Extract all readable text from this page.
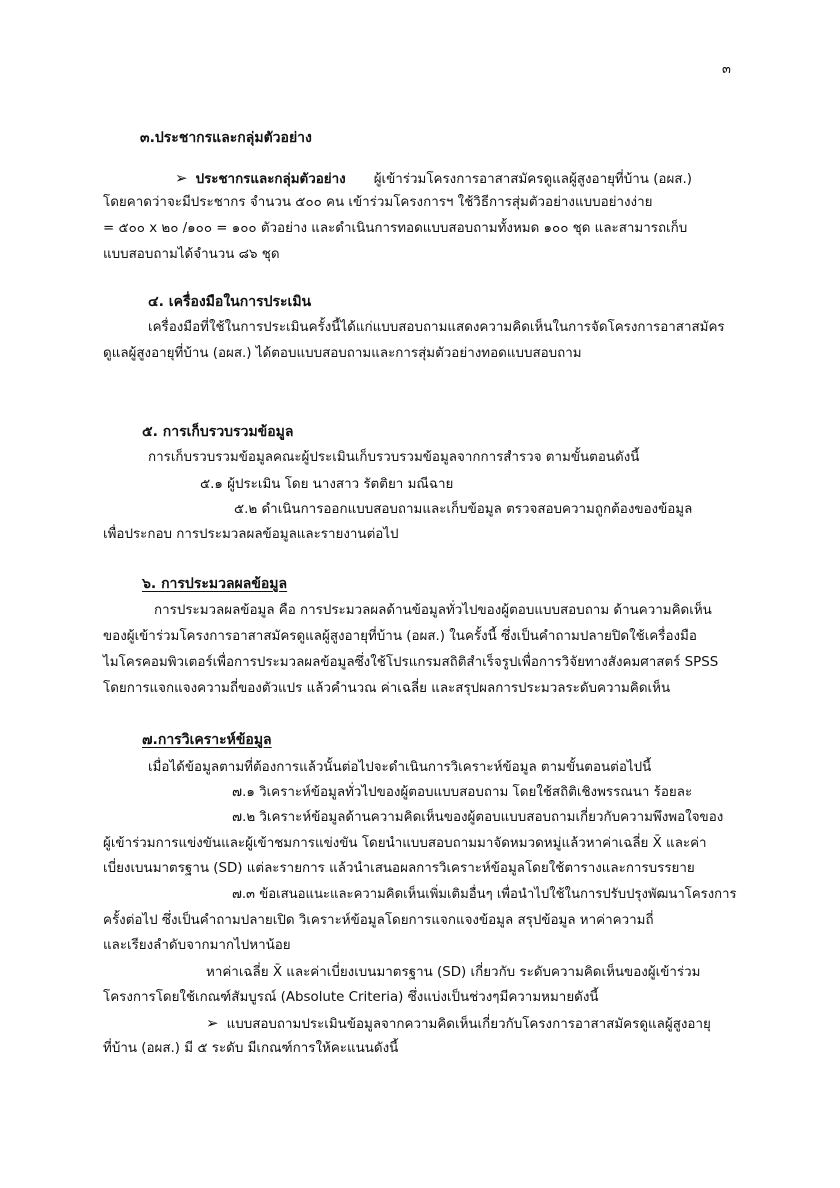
๓
๓.ประชากรและกลุ่มตัวอย่าง
➢ ประชากรและกลุ่มตัวอย่าง ผู้เข้าร่วมโครงการอาสาสมัครดูแลผู้สูงอายุที่บ้าน (อผส.)
โดยคาดว่าจะมีประชากร จำนวน ๕๐๐ คน เข้าร่วมโครงการฯ ใช้วิธีการสุ่มตัวอย่างแบบอย่างง่าย
= ๕๐๐ x ๒๐ /๑๐๐ = ๑๐๐ ตัวอย่าง และดำเนินการทอดแบบสอบถามทั้งหมด ๑๐๐ ชุด และสามารถเก็บ
แบบสอบถามได้จำนวน ๘๖ ชุด
๔. เครื่องมือในการประเมิน
เครื่องมือที่ใช้ในการประเมินครั้งนี้ได้แก่แบบสอบถามแสดงความคิดเห็นในการจัดโครงการอาสาสมัคร
ดูแลผู้สูงอายุที่บ้าน (อผส.) ได้ตอบแบบสอบถามและการสุ่มตัวอย่างทอดแบบสอบถาม
๕. การเก็บรวบรวมข้อมูล
การเก็บรวบรวมข้อมูลคณะผู้ประเมินเก็บรวบรวมข้อมูลจากการสำรวจ ตามขั้นตอนดังนี้
๕.๑ ผู้ประเมิน โดย นางสาว รัตติยา มณีฉาย
๕.๒ ดำเนินการออกแบบสอบถามและเก็บข้อมูล ตรวจสอบความถูกต้องของข้อมูล
เพื่อประกอบ การประมวลผลข้อมูลและรายงานต่อไป
๖. การประมวลผลข้อมูล
การประมวลผลข้อมูล คือ การประมวลผลด้านข้อมูลทั่วไปของผู้ตอบแบบสอบถาม ด้านความคิดเห็น
ของผู้เข้าร่วมโครงการอาสาสมัครดูแลผู้สูงอายุที่บ้าน (อผส.) ในครั้งนี้ ซึ่งเป็นคำถามปลายปิดใช้เครื่องมือ
ไมโครคอมพิวเตอร์เพื่อการประมวลผลข้อมูลซึ่งใช้โปรแกรมสถิติสำเร็จรูปเพื่อการวิจัยทางสังคมศาสตร์ SPSS
โดยการแจกแจงความถี่ของตัวแปร แล้วคำนวณ ค่าเฉลี่ย และสรุปผลการประมวลระดับความคิดเห็น
๗.การวิเคราะห์ข้อมูล
เมื่อได้ข้อมูลตามที่ต้องการแล้วนั้นต่อไปจะดำเนินการวิเคราะห์ข้อมูล ตามขั้นตอนต่อไปนี้
๗.๑ วิเคราะห์ข้อมูลทั่วไปของผู้ตอบแบบสอบถาม โดยใช้สถิติเชิงพรรณนา ร้อยละ
๗.๒ วิเคราะห์ข้อมูลด้านความคิดเห็นของผู้ตอบแบบสอบถามเกี่ยวกับความพึงพอใจของ
ผู้เข้าร่วมการแข่งขันและผู้เข้าชมการแข่งขัน โดยนำแบบสอบถามมาจัดหมวดหมู่แล้วหาค่าเฉลี่ย X̄ และค่า
เบี่ยงเบนมาตรฐาน (SD) แต่ละรายการ แล้วนำเสนอผลการวิเคราะห์ข้อมูลโดยใช้ตารางและการบรรยาย
๗.๓ ข้อเสนอแนะและความคิดเห็นเพิ่มเติมอื่นๆ เพื่อนำไปใช้ในการปรับปรุงพัฒนาโครงการ
ครั้งต่อไป ซึ่งเป็นคำถามปลายเปิด วิเคราะห์ข้อมูลโดยการแจกแจงข้อมูล สรุปข้อมูล หาค่าความถี่
และเรียงลำดับจากมากไปหาน้อย
หาค่าเฉลี่ย X̄ และค่าเบี่ยงเบนมาตรฐาน (SD) เกี่ยวกับ ระดับความคิดเห็นของผู้เข้าร่วม
โครงการโดยใช้เกณฑ์สัมบูรณ์ (Absolute Criteria) ซึ่งแบ่งเป็นช่วงๆมีความหมายดังนี้
➢ แบบสอบถามประเมินข้อมูลจากความคิดเห็นเกี่ยวกับโครงการอาสาสมัครดูแลผู้สูงอายุ
ที่บ้าน (อผส.) มี ๕ ระดับ มีเกณฑ์การให้คะแนนดังนี้
